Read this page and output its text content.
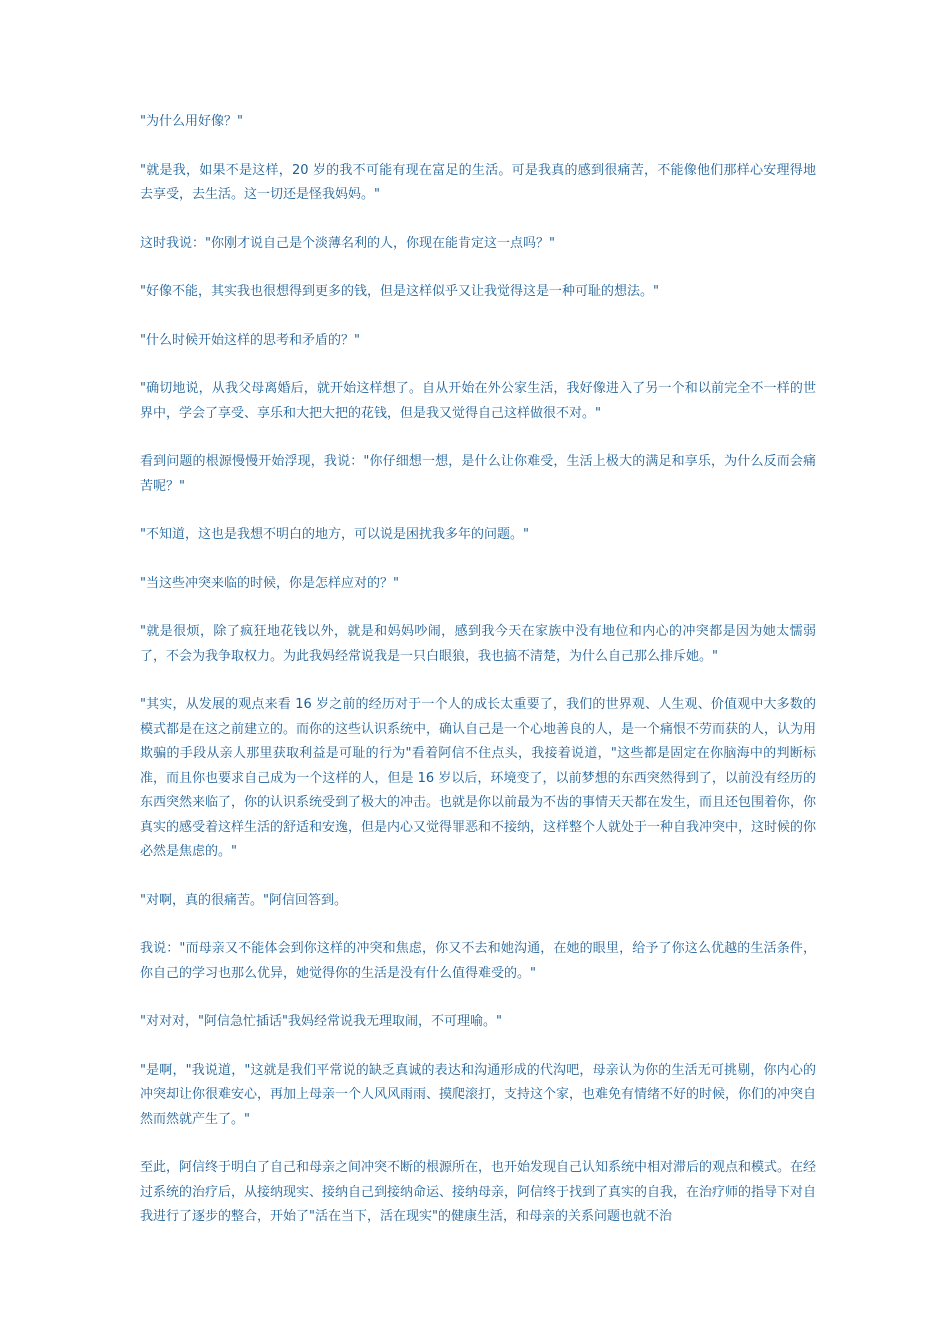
"为什么用好像？"

"就是我，如果不是这样，20 岁的我不可能有现在富足的生活。可是我真的感到很痛苦，不能像他们那样心安理得地去享受，去生活。这一切还是怪我妈妈。"

这时我说："你刚才说自己是个淡薄名利的人，你现在能肯定这一点吗？"

"好像不能，其实我也很想得到更多的钱，但是这样似乎又让我觉得这是一种可耻的想法。"

"什么时候开始这样的思考和矛盾的？"

"确切地说，从我父母离婚后，就开始这样想了。自从开始在外公家生活，我好像进入了另一个和以前完全不一样的世界中，学会了享受、享乐和大把大把的花钱，但是我又觉得自己这样做很不对。"

看到问题的根源慢慢开始浮现，我说："你仔细想一想，是什么让你难受，生活上极大的满足和享乐，为什么反而会痛苦呢？"

"不知道，这也是我想不明白的地方，可以说是困扰我多年的问题。"

"当这些冲突来临的时候，你是怎样应对的？"

"就是很烦，除了疯狂地花钱以外，就是和妈妈吵闹，感到我今天在家族中没有地位和内心的冲突都是因为她太懦弱了，不会为我争取权力。为此我妈经常说我是一只白眼狼，我也搞不清楚，为什么自己那么排斥她。"

"其实，从发展的观点来看 16 岁之前的经历对于一个人的成长太重要了，我们的世界观、人生观、价值观中大多数的模式都是在这之前建立的。而你的这些认识系统中，确认自己是一个心地善良的人，是一个痛恨不劳而获的人，认为用欺骗的手段从亲人那里获取利益是可耻的行为"看着阿信不住点头，我接着说道，"这些都是固定在你脑海中的判断标准，而且你也要求自己成为一个这样的人，但是 16 岁以后，环境变了，以前梦想的东西突然得到了，以前没有经历的东西突然来临了，你的认识系统受到了极大的冲击。也就是你以前最为不齿的事情天天都在发生，而且还包围着你，你真实的感受着这样生活的舒适和安逸，但是内心又觉得罪恶和不接纳，这样整个人就处于一种自我冲突中，这时候的你必然是焦虑的。"

"对啊，真的很痛苦。"阿信回答到。

我说："而母亲又不能体会到你这样的冲突和焦虑，你又不去和她沟通，在她的眼里，给予了你这么优越的生活条件，你自己的学习也那么优异，她觉得你的生活是没有什么值得难受的。"

"对对对，"阿信急忙插话"我妈经常说我无理取闹，不可理喻。"

"是啊，"我说道，"这就是我们平常说的缺乏真诚的表达和沟通形成的代沟吧，母亲认为你的生活无可挑剔，你内心的冲突却让你很难安心，再加上母亲一个人风风雨雨、摸爬滚打，支持这个家，也难免有情绪不好的时候，你们的冲突自然而然就产生了。"

至此，阿信终于明白了自己和母亲之间冲突不断的根源所在，也开始发现自己认知系统中相对滞后的观点和模式。在经过系统的治疗后，从接纳现实、接纳自己到接纳命运、接纳母亲，阿信终于找到了真实的自我，在治疗师的指导下对自我进行了逐步的整合，开始了"活在当下，活在现实"的健康生活，和母亲的关系问题也就不治
